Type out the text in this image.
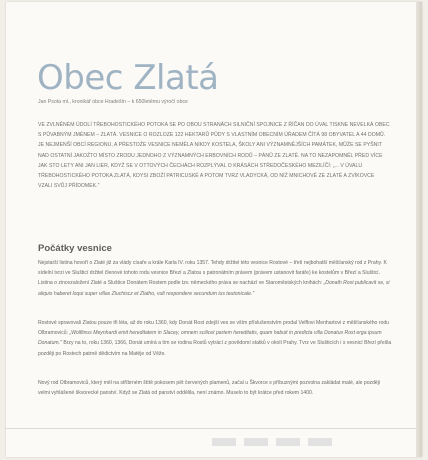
Obec Zlatá
Jan Psota ml., kronikář obce Hradešín – k 650letému výročí obce

VE ZVLNĚNÉM ÚDOLÍ TŘEBOHOSTICKÉHO POTOKA SE PO OBOU STRANÁCH SILNIČNÍ SPOJNICE Z ŘÍČAN DO ÚVAL TISKNE NEVELKÁ OBEC S PŮVABNÝM JMÉNEM – ZLATÁ. VESNICE O ROZLOZE 122 HEKTARŮ PŮDY S VLASTNÍM OBECNÍM ÚŘADEM ČÍTÁ 98 OBYVATEL A 44 DOMŮ. JE NEJMENŠÍ OBCÍ REGIONU, A PŘESTOŽE VESNICE NEMĚLA NIKDY KOSTELA, ŠKOLY ANI VÝZNAMNĚJŠÍCH PAMÁTEK, MŮŽE SE PYŠNIT NAD OSTATNÍ JAKOŽTO MÍSTO ZRODU JEDNOHO Z VÝZNAMNÝCH ERBOVNÍCH RODŮ – PÁNŮ ZE ZLATÉ. NA TO NEZAPOMNĚL PŘED VÍCE JAK STO LETY ANI JAN LIER, KDYŽ SE V OTTOVÝCH ČECHÁCH ROZPLÝVAL O KRÁSÁCH STŘEDOČESKÉHO MEZILÍČÍ: „... V ÚVALU TŘEBOHOSTICKÉHO POTOKA ZLATÁ, KDYSI ZBOŽÍ PATRICUSKÉ A POTOM TVRZ VLADYCKÁ, OD NÍŽ MNICHOVÉ ZE ZLATÉ A ZVÍKOVCE VZALI SVŮJ PŘÍDOMEK."

Počátky vesnice

Nejstarší listina hovoří o Zlaté již za vlády císaře a krále Karla IV. roku 1357. Tehdy držitel této vesnice Rostové – třetí nejbohatší měšťanský rod z Prahy. K sídelní tvrzi ve Slušticí držitel členové tohoto rodu vesnice Březí a Zlatou s patronátním právem (právem ustanovit faráře) ke kostelům v Březí a Slušticí. Listina o zinovzaložení Zlaté a Sluštice Donátem Rostem podle tzv. německého práva se nachází ve Staroměstských knihách: „Donath Rost publicavit se, si aliquis haberet loqui super villas Zluchiscz et Zlatho, vult respondere secundum ius teutonicale."

Rostové spravovali Zlatou pouze tři léta, až do roku 1360, kdy Donát Rost zdejší ves se vším příslušenstvím prodal Velflovi Menhartovi z měšťanského rodu Olbramoviců: „Wolflinus Meynhardi emit hereditatem in Slacey, omnem scilicet partem hereditatis, quam habuit in predicta villa Donatus Rost erga ipsum Donatum." Brzy na to, roku 1360, 1366, Donát umírá a tím se rodina Rostů vytrácí z povědomí statků v okolí Prahy. Tvrz ve Slušticích i s vesnicí Březí přešla později po Rostech patrně dědictvím na Matěje od Věže.

Nový rod Olbramoviců, který měl na stříbrném štítě pokosem pět červených plamenů, začal u Škvorce s příbuznými pozvolna zakládat malé, ale později velmi vyhlášené škvorecké panství. Když se Zlatá od panství oddělila, není známo. Muselo to být krátce před rokem 1400.
